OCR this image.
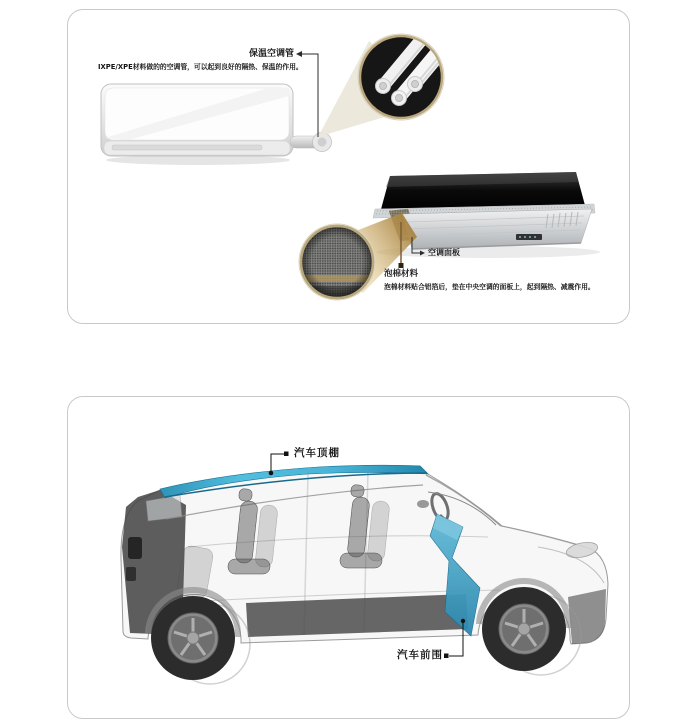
IXPE/XPE材料做的的空调管，可以起到良好的隔热、保温的作用。
保温空调管
空调面板
泡棉材料
泡棉材料贴合铝箔后，垫在中央空调的面板上，起到隔热、减震作用。
汽车顶棚
汽车前围
